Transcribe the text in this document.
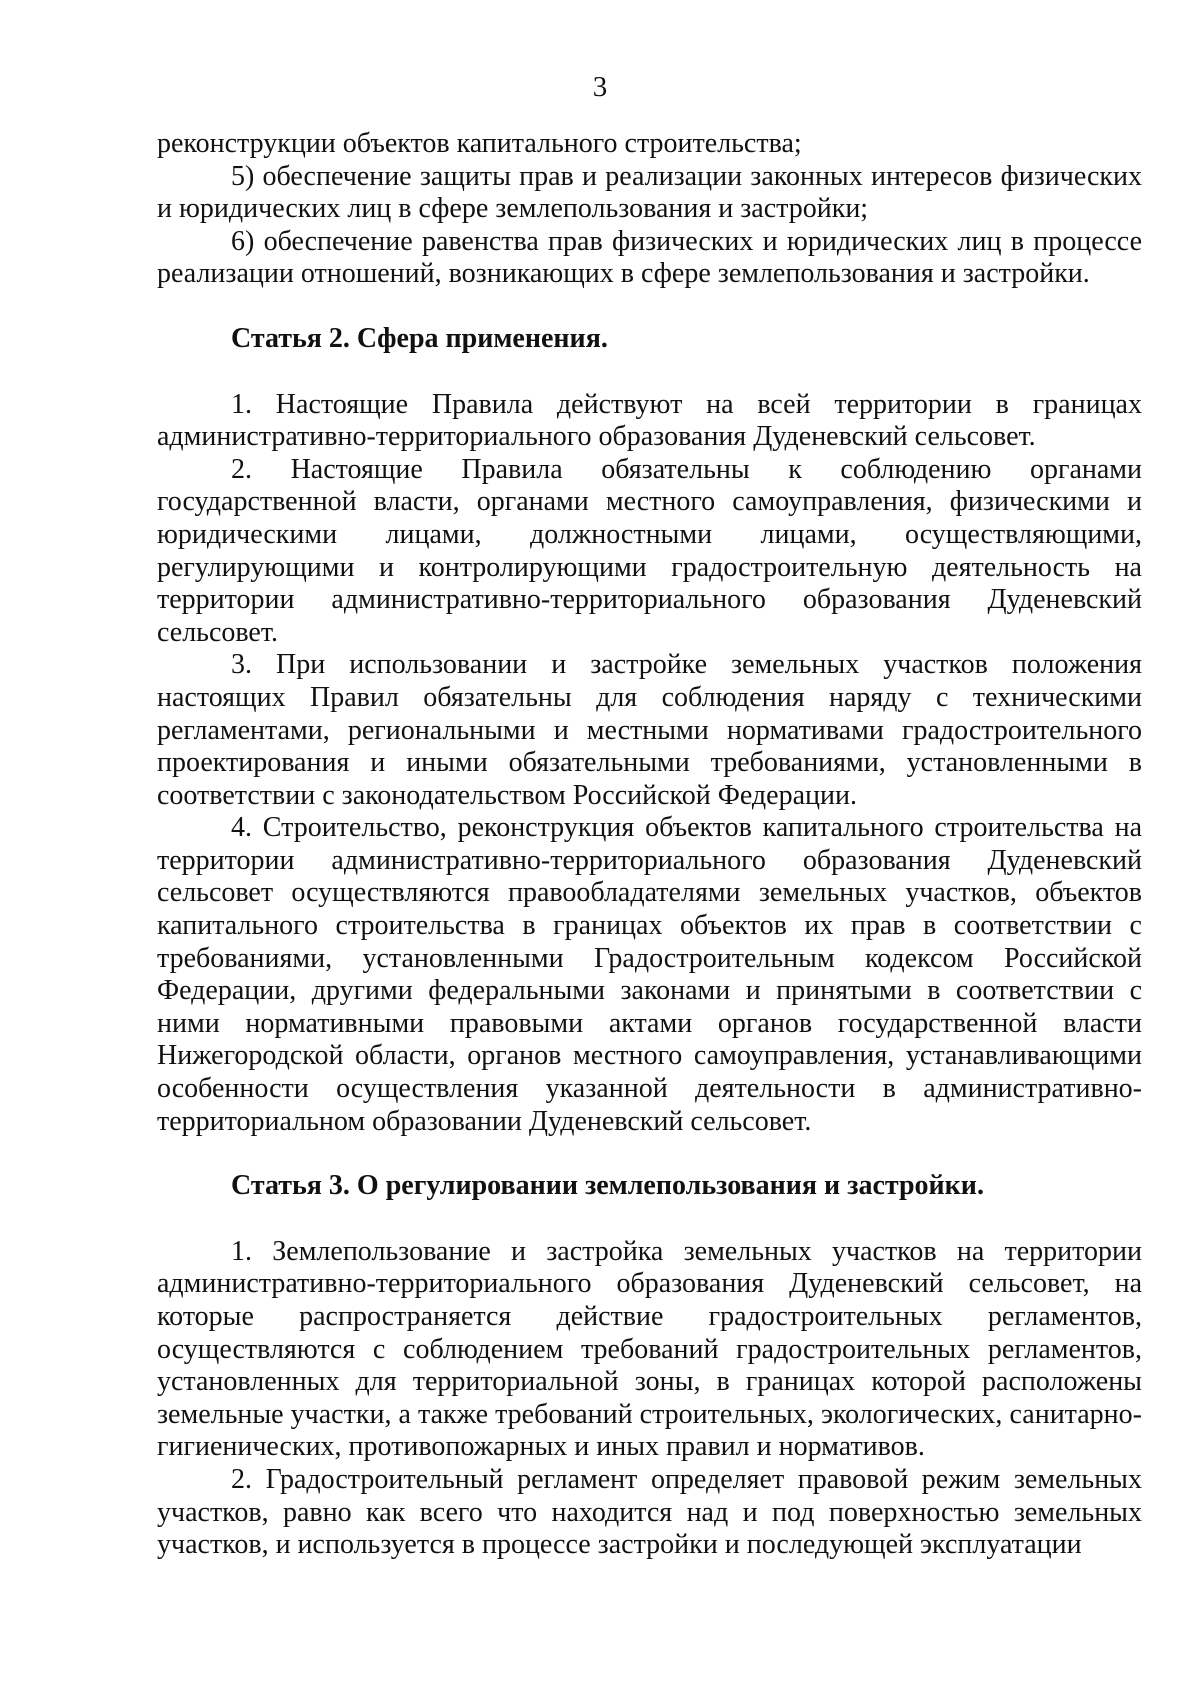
3

реконструкции объектов капитального строительства;

5) обеспечение защиты прав и реализации законных интересов физических и юридических лиц в сфере землепользования и застройки;

6) обеспечение равенства прав физических и юридических лиц в процессе реализации отношений, возникающих в сфере землепользования и застройки.

Статья 2. Сфера применения.

1. Настоящие Правила действуют на всей территории в границах административно-территориального образования Дуденевский сельсовет.

2. Настоящие Правила обязательны к соблюдению органами государственной власти, органами местного самоуправления, физическими и юридическими лицами, должностными лицами, осуществляющими, регулирующими и контролирующими градостроительную деятельность на территории административно-территориального образования Дуденевский сельсовет.

3. При использовании и застройке земельных участков положения настоящих Правил обязательны для соблюдения наряду с техническими регламентами, региональными и местными нормативами градостроительного проектирования и иными обязательными требованиями, установленными в соответствии с законодательством Российской Федерации.

4. Строительство, реконструкция объектов капитального строительства на территории административно-территориального образования Дуденевский сельсовет осуществляются правообладателями земельных участков, объектов капитального строительства в границах объектов их прав в соответствии с требованиями, установленными Градостроительным кодексом Российской Федерации, другими федеральными законами и принятыми в соответствии с ними нормативными правовыми актами органов государственной власти Нижегородской области, органов местного самоуправления, устанавливающими особенности осуществления указанной деятельности в административно-территориальном образовании Дуденевский сельсовет.

Статья 3. О регулировании землепользования и застройки.

1. Землепользование и застройка земельных участков на территории административно-территориального образования Дуденевский сельсовет, на которые распространяется действие градостроительных регламентов, осуществляются с соблюдением требований градостроительных регламентов, установленных для территориальной зоны, в границах которой расположены земельные участки, а также требований строительных, экологических, санитарно-гигиенических, противопожарных и иных правил и нормативов.

2. Градостроительный регламент определяет правовой режим земельных участков, равно как всего что находится над и под поверхностью земельных участков, и используется в процессе застройки и последующей эксплуатации
